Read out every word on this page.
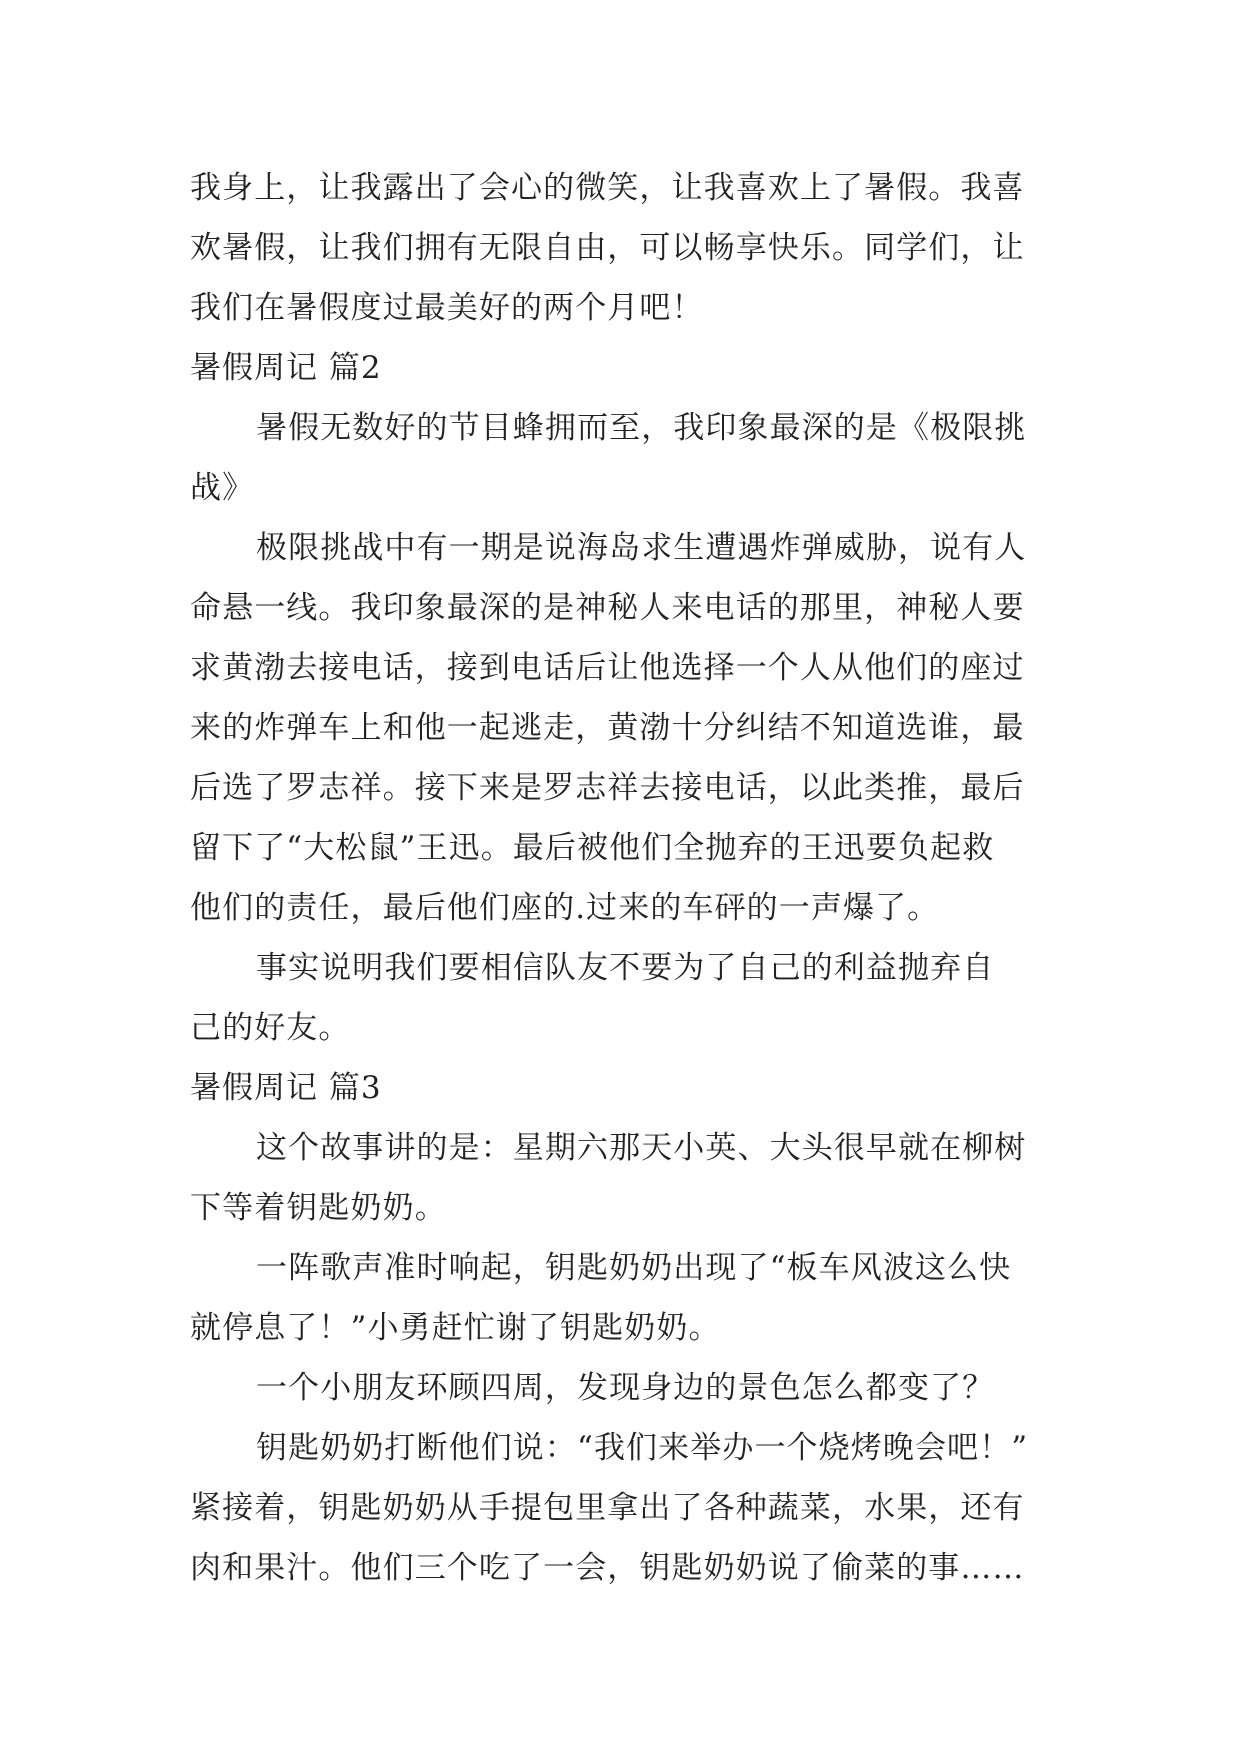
我身上，让我露出了会心的微笑，让我喜欢上了暑假。我喜
欢暑假，让我们拥有无限自由，可以畅享快乐。同学们，让
我们在暑假度过最美好的两个月吧！
暑假周记 篇2
暑假无数好的节目蜂拥而至，我印象最深的是《极限挑
战》
极限挑战中有一期是说海岛求生遭遇炸弹威胁，说有人
命悬一线。我印象最深的是神秘人来电话的那里，神秘人要
求黄渤去接电话，接到电话后让他选择一个人从他们的座过
来的炸弹车上和他一起逃走，黄渤十分纠结不知道选谁，最
后选了罗志祥。接下来是罗志祥去接电话，以此类推，最后
留下了“大松鼠”王迅。最后被他们全抛弃的王迅要负起救
他们的责任，最后他们座的.过来的车砰的一声爆了。
事实说明我们要相信队友不要为了自己的利益抛弃自
己的好友。
暑假周记 篇3
这个故事讲的是：星期六那天小英、大头很早就在柳树
下等着钥匙奶奶。
一阵歌声准时响起，钥匙奶奶出现了“板车风波这么快
就停息了！”小勇赶忙谢了钥匙奶奶。
一个小朋友环顾四周，发现身边的景色怎么都变了？
钥匙奶奶打断他们说：“我们来举办一个烧烤晚会吧！”
紧接着，钥匙奶奶从手提包里拿出了各种蔬菜，水果，还有
肉和果汁。他们三个吃了一会，钥匙奶奶说了偷菜的事……
